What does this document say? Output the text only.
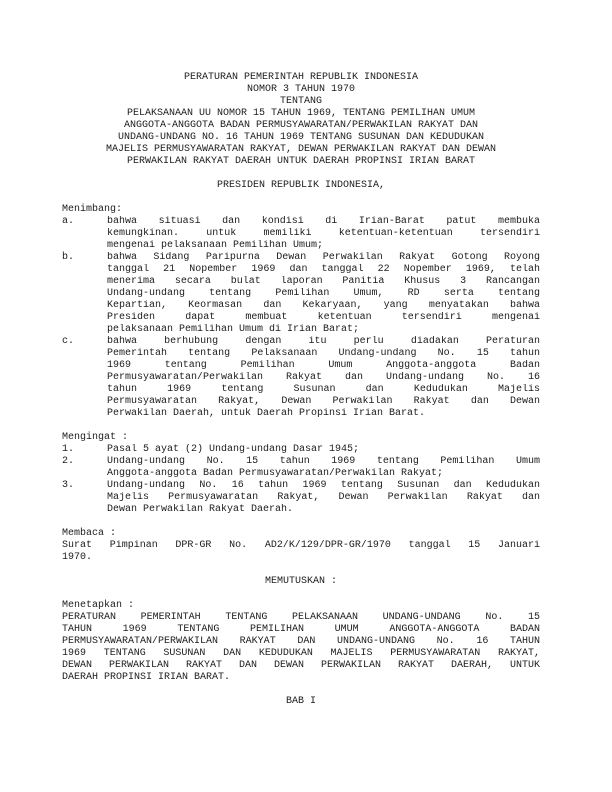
PERATURAN PEMERINTAH REPUBLIK INDONESIA
NOMOR 3 TAHUN 1970
TENTANG
PELAKSANAAN UU NOMOR 15 TAHUN 1969, TENTANG PEMILIHAN UMUM
ANGGOTA-ANGGOTA BADAN PERMUSYAWARATAN/PERWAKILAN RAKYAT DAN
UNDANG-UNDANG NO. 16 TAHUN 1969 TENTANG SUSUNAN DAN KEDUDUKAN
MAJELIS PERMUSYAWARATAN RAKYAT, DEWAN PERWAKILAN RAKYAT DAN DEWAN
PERWAKILAN RAKYAT DAERAH UNTUK DAERAH PROPINSI IRIAN BARAT
PRESIDEN REPUBLIK INDONESIA,
Menimbang:
a.	bahwa situasi dan kondisi di Irian-Barat patut membuka
kemungkinan. untuk memiliki ketentuan-ketentuan tersendiri
mengenai pelaksanaan Pemilihan Umum;
b.	bahwa Sidang Paripurna Dewan Perwakilan Rakyat Gotong Royong
tanggal 21 Nopember 1969 dan tanggal 22 Nopember 1969, telah
menerima secara bulat laporan Panitia Khusus 3 Rancangan
Undang-undang tentang Pemilihan Umum, RD serta tentang
Kepartian, Keormasan dan Kekaryaan, yang menyatakan bahwa
Presiden dapat membuat ketentuan tersendiri mengenai
pelaksanaan Pemilihan Umum di Irian Barat;
c.	bahwa berhubung dengan itu perlu diadakan Peraturan
Pemerintah tentang Pelaksanaan Undang-undang No. 15 tahun
1969 tentang Pemilihan Umum Anggota-anggota Badan
Permusyawaratan/Perwakilan Rakyat dan Undang-undang No. 16
tahun 1969 tentang Susunan dan Kedudukan Majelis
Permusyawaratan Rakyat, Dewan Perwakilan Rakyat dan Dewan
Perwakilan Daerah, untuk Daerah Propinsi Irian Barat.
Mengingat :
1.	Pasal 5 ayat (2) Undang-undang Dasar 1945;
2.	Undang-undang No. 15 tahun 1969 tentang Pemilihan Umum
Anggota-anggota Badan Permusyawaratan/Perwakilan Rakyat;
3.	Undang-undang No. 16 tahun 1969 tentang Susunan dan Kedudukan
Majelis Permusyawaratan Rakyat, Dewan Perwakilan Rakyat dan
Dewan Perwakilan Rakyat Daerah.
Membaca :
Surat Pimpinan DPR-GR No. AD2/K/129/DPR-GR/1970 tanggal 15 Januari
1970.
MEMUTUSKAN :
Menetapkan :
PERATURAN PEMERINTAH TENTANG PELAKSANAAN UNDANG-UNDANG No. 15
TAHUN 1969 TENTANG PEMILIHAN UMUM ANGGOTA-ANGGOTA BADAN
PERMUSYAWARATAN/PERWAKILAN RAKYAT DAN UNDANG-UNDANG No. 16 TAHUN
1969 TENTANG SUSUNAN DAN KEDUDUKAN MAJELIS PERMUSYAWARATAN RAKYAT,
DEWAN PERWAKILAN RAKYAT DAN DEWAN PERWAKILAN RAKYAT DAERAH, UNTUK
DAERAH PROPINSI IRIAN BARAT.
BAB I
